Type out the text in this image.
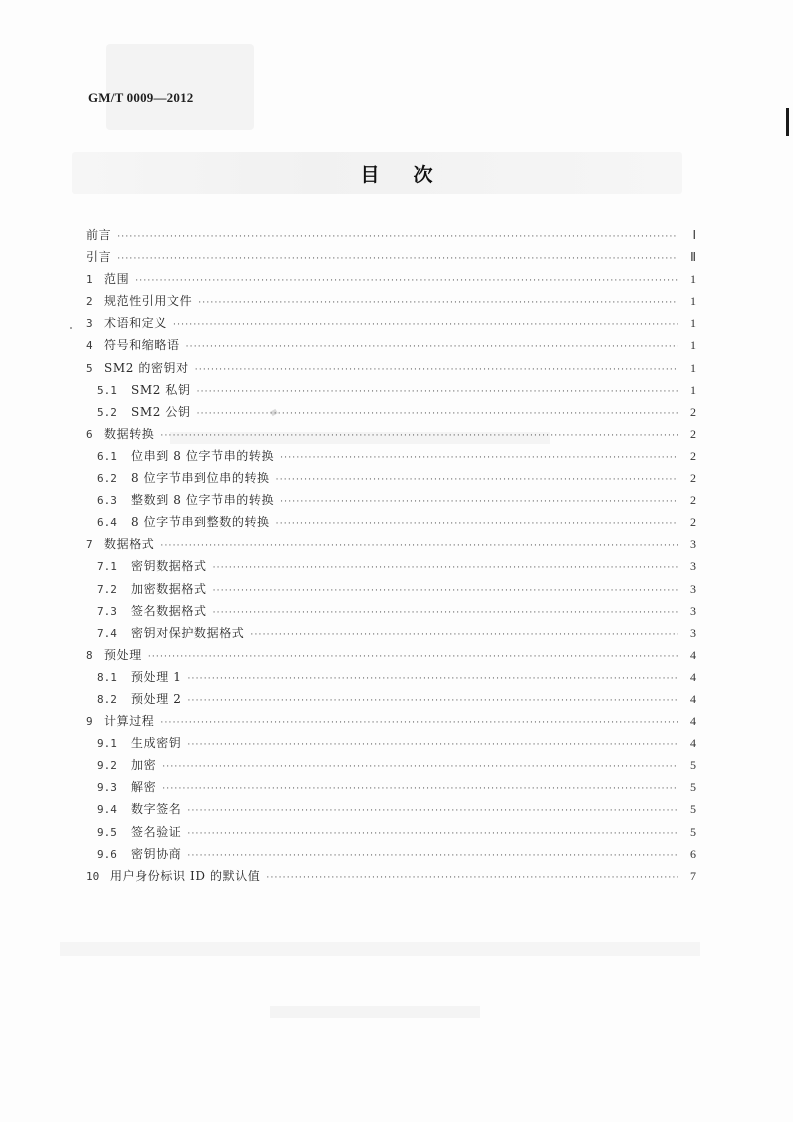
GM/T 0009—2012
目次
前言 ·····	Ⅰ
引言 ·····	Ⅱ
1 范围 ·····	1
2 规范性引用文件 ·····	1
3 术语和定义 ·····	1
4 符号和缩略语 ·····	1
5 SM2 的密钥对 ·····	1
5.1	SM2 私钥 ·····	1
5.2	SM2 公钥 ·····	2
6 数据转换 ·····	2
6.1	位串到 8 位字节串的转换 ·····	2
6.2	8 位字节串到位串的转换 ·····	2
6.3	整数到 8 位字节串的转换 ·····	2
6.4	8 位字节串到整数的转换 ·····	2
7 数据格式 ·····	3
7.1	密钥数据格式 ·····	3
7.2	加密数据格式 ·····	3
7.3	签名数据格式 ·····	3
7.4	密钥对保护数据格式 ·····	3
8 预处理 ·····	4
8.1	预处理 1 ·····	4
8.2	预处理 2 ·····	4
9 计算过程 ·····	4
9.1	生成密钥 ·····	4
9.2	加密 ·····	5
9.3	解密 ·····	5
9.4	数字签名 ·····	5
9.5	签名验证 ·····	5
9.6	密钥协商 ·····	6
10 用户身份标识 ID 的默认值 ·····	7
